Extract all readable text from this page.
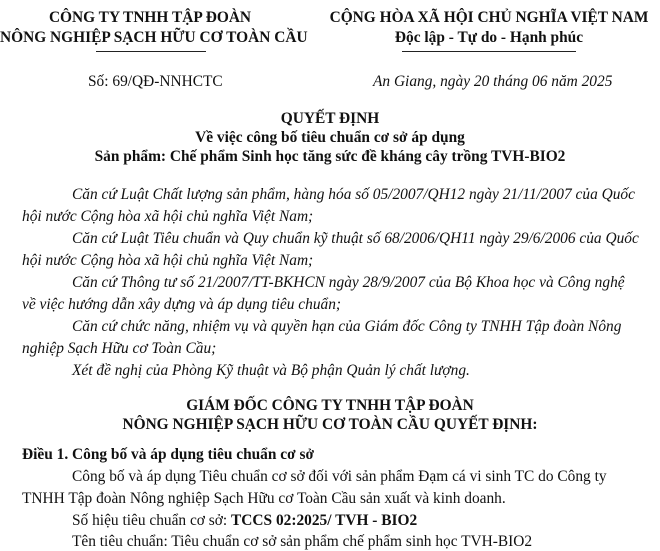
CÔNG TY TNHH TẬP ĐOÀN
NÔNG NGHIỆP SẠCH HỮU CƠ TOÀN CẦU
Số: 69/QĐ-NNHCTC
CỘNG HÒA XÃ HỘI CHỦ NGHĨA VIỆT NAM
Độc lập - Tự do - Hạnh phúc
An Giang, ngày 20 tháng 06 năm 2025
QUYẾT ĐỊNH
Về việc công bố tiêu chuẩn cơ sở áp dụng
Sản phẩm: Chế phẩm Sinh học tăng sức đề kháng cây trồng TVH-BIO2
Căn cứ Luật Chất lượng sản phẩm, hàng hóa số 05/2007/QH12 ngày 21/11/2007 của Quốc
hội nước Cộng hòa xã hội chủ nghĩa Việt Nam;
Căn cứ Luật Tiêu chuẩn và Quy chuẩn kỹ thuật số 68/2006/QH11 ngày 29/6/2006 của Quốc
hội nước Cộng hòa xã hội chủ nghĩa Việt Nam;
Căn cứ Thông tư số 21/2007/TT-BKHCN ngày 28/9/2007 của Bộ Khoa học và Công nghệ
về việc hướng dẫn xây dựng và áp dụng tiêu chuẩn;
Căn cứ chức năng, nhiệm vụ và quyền hạn của Giám đốc Công ty TNHH Tập đoàn Nông
nghiệp Sạch Hữu cơ Toàn Cầu;
Xét đề nghị của Phòng Kỹ thuật và Bộ phận Quản lý chất lượng.
GIÁM ĐỐC CÔNG TY TNHH TẬP ĐOÀN
NÔNG NGHIỆP SẠCH HỮU CƠ TOÀN CẦU QUYẾT ĐỊNH:
Điều 1. Công bố và áp dụng tiêu chuẩn cơ sở
Công bố và áp dụng Tiêu chuẩn cơ sở đối với sản phẩm Đạm cá vi sinh TC do Công ty
TNHH Tập đoàn Nông nghiệp Sạch Hữu cơ Toàn Cầu sản xuất và kinh doanh.
Số hiệu tiêu chuẩn cơ sở: TCCS 02:2025/ TVH - BIO2
Tên tiêu chuẩn: Tiêu chuẩn cơ sở sản phẩm chế phẩm sinh học TVH-BIO2
